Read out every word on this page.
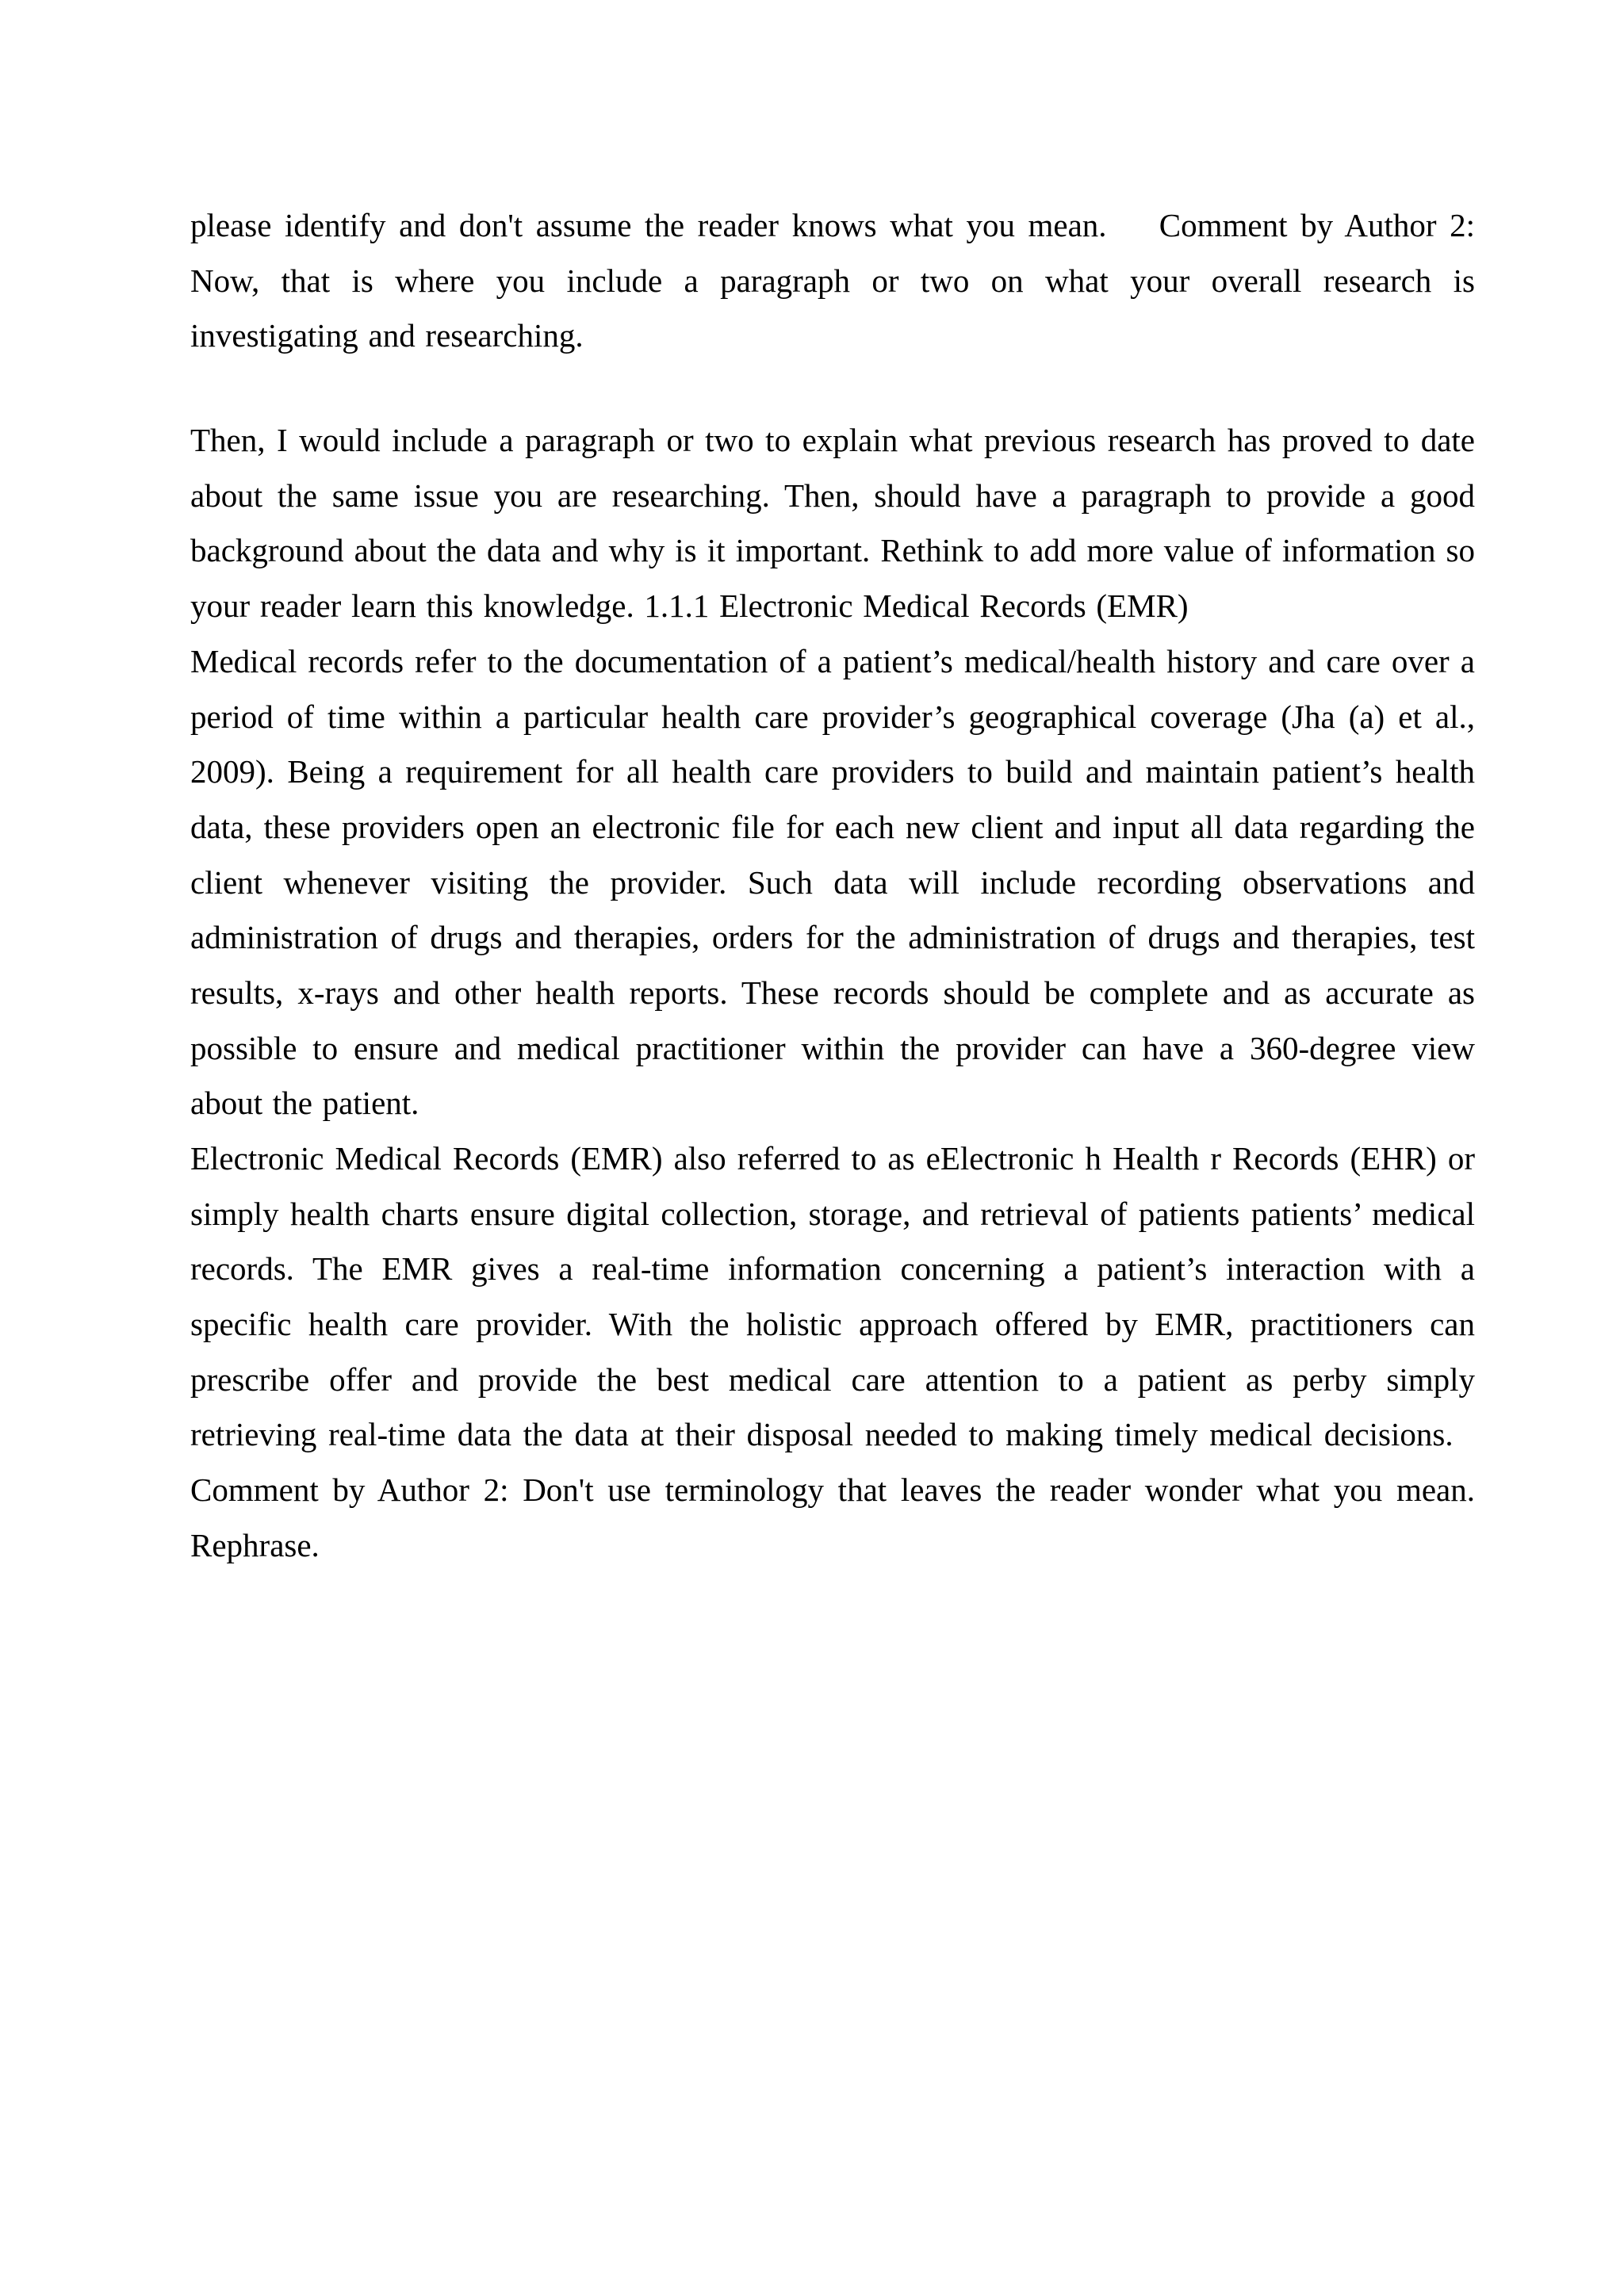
please identify and don't assume the reader knows what you mean.    Comment by Author 2: Now, that is where you include a paragraph or two on what your overall research is investigating and researching.

Then, I would include a paragraph or two to explain what previous research has proved to date about the same issue you are researching. Then, should have a paragraph to provide a good background about the data and why is it important. Rethink to add more value of information so your reader learn this knowledge. 1.1.1 Electronic Medical Records (EMR)

Medical records refer to the documentation of a patient’s medical/health history and care over a period of time within a particular health care provider’s geographical coverage (Jha (a) et al., 2009). Being a requirement for all health care providers to build and maintain patient’s health data, these providers open an electronic file for each new client and input all data regarding the client whenever visiting the provider. Such data will include recording observations and administration of drugs and therapies, orders for the administration of drugs and therapies, test results, x-rays and other health reports. These records should be complete and as accurate as possible to ensure and medical practitioner within the provider can have a 360-degree view about the patient.

Electronic Medical Records (EMR) also referred to as eElectronic h Health r Records (EHR) or simply health charts ensure digital collection, storage, and retrieval of patients patients’ medical records. The EMR gives a real-time information concerning a patient’s interaction with a specific health care provider. With the holistic approach offered by EMR, practitioners can prescribe offer and provide the best medical care attention to a patient as perby simply retrieving real-time data the data at their disposal needed to making timely medical decisions.   Comment by Author 2: Don't use terminology that leaves the reader wonder what you mean. Rephrase.
